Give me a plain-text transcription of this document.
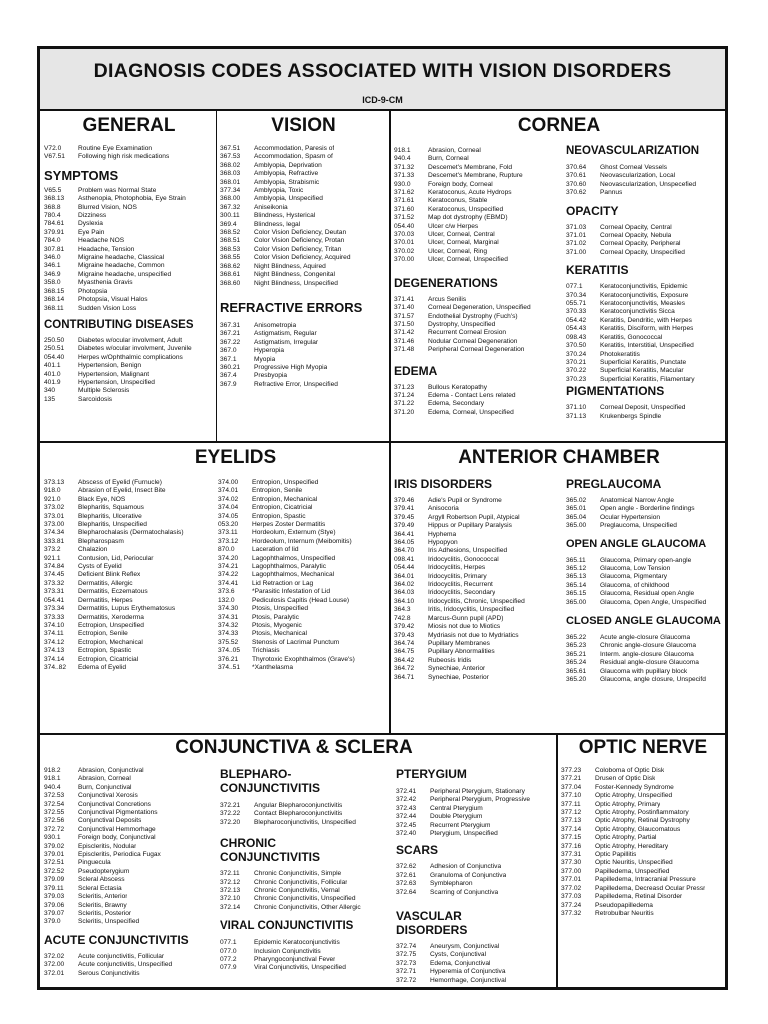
DIAGNOSIS CODES ASSOCIATED WITH VISION DISORDERS
ICD-9-CM
GENERAL
V72.0	Routine Eye Examination
V67.51	Following high risk medications
SYMPTOMS
V65.5	Problem was Normal State
368.13	Asthenopia, Photophobia, Eye Strain
368.8	Blurred Vision, NOS
780.4	Dizziness
784.61	Dyslexia
379.91	Eye Pain
784.0	Headache NOS
307.81	Headache, Tension
346.0	Migraine headache, Classical
346.1	Migraine headache, Common
346.9	Migraine headache, unspecified
358.0	Myasthenia Gravis
368.15	Photopsia
368.14	Photopsia, Visual Halos
368.11	Sudden Vision Loss
CONTRIBUTING DISEASES
250.50	Diabetes w/ocular involvment, Adult
250.51	Diabetes w/ocular involvment, Juvenile
054.40	Herpes w/Ophthalmic complications
401.1	Hypertension, Benign
401.0	Hypertension, Malignant
401.9	Hypertension, Unspecified
340	Multiple Sclerosis
135	Sarcoidosis
VISION
367.51	Accommodation, Paresis of
367.53	Accommodation, Spasm of
368.02	Amblyopia, Deprivation
368.03	Amblyopia, Refractive
368.01	Amblyopia, Strabismic
377.34	Amblyopia, Toxic
368.00	Amblyopia, Unspecified
367.32	Aniseikonia
300.11	Blindness, Hysterical
369.4	Blindness, legal
368.52	Color Vision Deficiency, Deutan
368.51	Color Vision Deficiency, Protan
368.53	Color Vision Deficiency, Tritan
368.55	Color Vision Deficiency, Acquired
368.62	Night Blindness, Aquired
368.61	Night Blindness, Congenital
368.60	Night Blindness, Unspecified
REFRACTIVE ERRORS
367.31	Anisometropia
367.21	Astigmatism, Regular
367.22	Astigmatism, Irregular
367.0	Hyperopia
367.1	Myopia
360.21	Progressive High Myopia
367.4	Presbyopia
367.9	Refractive Error, Unspecified
CORNEA
918.1	Abrasion, Corneal
940.4	Burn, Corneal
371.32	Descemet's Membrane, Fold
371.33	Descemet's Membrane, Rupture
930.0	Foreign body, Corneal
371.62	Keratoconus, Acute Hydrops
371.61	Keratoconus, Stable
371.60	Keratoconus, Unspecified
371.52	Map dot dystrophy (EBMD)
054.40	Ulcer c/w Herpes
370.03	Ulcer, Corneal, Central
370.01	Ulcer, Corneal, Marginal
370.02	Ulcer, Corneal, Ring
370.00	Ulcer, Corneal, Unspecified
DEGENERATIONS
371.41	Arcus Senilis
371.40	Corneal Degeneration, Unspecified
371.57	Endothelial Dystrophy (Fuch's)
371.50	Dystrophy, Unspecified
371.42	Recurrent Corneal Erosion
371.46	Nodular Corneal Degeneration
371.48	Peripheral Corneal Degeneration
EDEMA
371.23	Bullous Keratopathy
371.24	Edema - Contact Lens related
371.22	Edema, Secondary
371.20	Edema, Corneal, Unspecified
NEOVASCULARIZATION
370.64	Ghost Corneal Vessels
370.61	Neovascularization, Local
370.60	Neovascularization, Unspecefied
370.62	Pannus
OPACITY
371.03	Corneal Opacity, Central
371.01	Corneal Opacity, Nebula
371.02	Corneal Opacity, Peripheral
371.00	Corneal Opacity, Unspecified
KERATITIS
077.1	Keratoconjunctivitis, Epidemic
370.34	Keratoconjunctivitis, Exposure
055.71	Keratoconjunctivitis, Measles
370.33	Keratoconjunctivitis Sicca
054.42	Keratitis, Dendritic, with Herpes
054.43	Keratitis, Disciform, with Herpes
098.43	Keratitis, Gonococcal
370.50	Keratitis, Interstitial, Unspecified
370.24	Photokeratitis
370.21	Superficial Keratitis, Punctate
370.22	Superficial Keratitis, Macular
370.23	Superficial Keratitis, Filamentary
PIGMENTATIONS
371.10	Corneal Deposit, Unspecified
371.13	Krukenbergs Spindle
EYELIDS
373.13	Abscess of Eyelid (Furnucle)
918.0	Abrasion of Eyelid, Insect Bite
921.0	Black Eye, NOS
373.02	Blepharitis, Squamous
373.01	Blepharitis, Ulcerative
373.00	Blepharitis, Unspecified
374.34	Blepharochalasis (Dermatochalasis)
333.81	Blepharospasm
373.2	Chalazion
921.1	Contusion, Lid, Periocular
374.84	Cysts of Eyelid
374.45	Deficient Blink Reflex
373.32	Dermatitis, Allergic
373.31	Dermatitis, Eczematous
054.41	Dermatitis, Herpes
373.34	Dermatitis, Lupus Erythematosus
373.33	Dermatitis, Xeroderma
374.10	Ectropion, Unspecified
374.11	Ectropion, Senile
374.12	Ectropion, Mechanical
374.13	Ectropion, Spastic
374.14	Ectropion, Cicatricial
374..82	Edema of Eyelid
374.00	Entropion, Unspecified
374.01	Entropion, Senile
374.02	Entropion, Mechanical
374.04	Entropion, Cicatricial
374.05	Entropion, Spastic
053.20	Herpes Zoster Dermatitis
373.11	Hordeolum, Externum (Stye)
373.12	Hordeolum, Internum (Meibomitis)
870.0	Laceration of lid
374.20	Lagophthalmos, Unspecified
374.21	Lagophthalmos, Paralytic
374.22	Lagophthalmos, Mechanical
374.41	Lid Retraction or Lag
373.6	*Parasitic Infestation of Lid
132.0	Pediculosis Capitis (Head Louse)
374.30	Ptosis, Unspecified
374.31	Ptosis, Paralytic
374.32	Ptosis, Myogenic
374.33	Ptosis, Mechanical
375.52	Stenosis of Lacrimal Punctum
374..05	Trichiasis
376.21	Thyrotoxic Exophthalmos (Grave's)
374..51	*Xanthelasma
ANTERIOR CHAMBER
IRIS DISORDERS
379.46	Adie's Pupil or Syndrome
379.41	Anisocoria
379.45	Argyll Robertson Pupil, Atypical
379.49	Hippus or Pupillary Paralysis
364.41	Hyphema
364.05	Hypopyon
364.70	Iris Adhesions, Unspecified
098.41	Iridocyclitis, Gonococcal
054.44	Iridocyclitis, Herpes
364.01	Iridocyclitis, Primary
364.02	Iridocyclitis, Recurrent
364.03	Iridocyclitis, Secondary
364.10	Iridocyclitis, Chronic, Unspecified
364.3	Iritis, Iridocyclitis, Unspecified
742.8	Marcus-Gunn pupil (APD)
379.42	Miosis not due to Miotics
379.43	Mydriasis not due to Mydriatics
364.74	Pupillary Membranes
364.75	Pupillary Abnormalities
364.42	Rubeosis Iridis
364.72	Synechiae, Anterior
364.71	Synechiae, Posterior
PREGLAUCOMA
365.02	Anatomical Narrow Angle
365.01	Open angle - Borderline findings
365.04	Ocular Hypertension
365.00	Preglaucoma, Unspecified
OPEN ANGLE GLAUCOMA
365.11	Glaucoma, Primary open-angle
365.12	Glaucoma, Low Tension
365.13	Glaucoma, Pigmentary
365.14	Glaucoma, of childhood
365.15	Glaucoma, Residual open Angle
365.00	Glaucoma, Open Angle, Unspecified
CLOSED ANGLE GLAUCOMA
365.22	Acute angle-closure Glaucoma
365.23	Chronic angle-closure Glaucoma
365.21	Interm. angle-closure Glaucoma
365.24	Residual angle-closure Glaucoma
365.61	Glaucoma with pupillary block
365.20	Glaucoma, angle closure, Unspecifd
CONJUNCTIVA & SCLERA
918.2	Abrasion, Conjunctival
918.1	Abrasion, Corneal
940.4	Burn, Conjunctival
372.53	Conjunctival Xerosis
372.54	Conjunctival Concretions
372.55	Conjunctival Pigmentations
372.56	Conjunctival Deposits
372.72	Conjunctival Hemmorhage
930.1	Foreign body, Conjunctival
379.02	Episcleritis, Nodular
379.01	Episcleritis, Periodica Fugax
372.51	Pinguecula
372.52	Pseudopterygium
379.09	Scleral Abscess
379.11	Scleral Ectasia
379.03	Scleritis, Anterior
379.06	Scleritis, Brawny
379.07	Scleritis, Posterior
379.0	Scleritis, Unspecified
ACUTE CONJUNCTIVITIS
372.02	Acute conjunctivitis, Follicular
372.00	Acute conjunctivitis, Unspecified
372.01	Serous Conjunctivitis
BLEPHARO-
CONJUNCTIVITIS
372.21	Angular Blepharoconjunctivitis
372.22	Contact Blepharoconjunctivitis
372.20	Blepharoconjunctivitis, Unspecified
CHRONIC
CONJUNCTIVITIS
372.11	Chronic Conjunctivitis, Simple
372.12	Chronic Conjunctivitis, Follicular
372.13	Chronic Conjunctivitis, Vernal
372.10	Chronic Conjunctivitis, Unspecified
372.14	Chronic Conjunctivitis, Other Allergic
VIRAL CONJUNCTIVITIS
077.1	Epidemic Keratoconjunctivitis
077.0	Inclusion Conjunctivitis
077.2	Pharyngoconjunctival Fever
077.9	Viral Conjunctivitis, Unspecified
PTERYGIUM
372.41	Peripheral Pterygium, Stationary
372.42	Peripheral Pterygium, Progressive
372.43	Central Pterygium
372.44	Double Pterygium
372.45	Recurrent Pterygium
372.40	Pterygium, Unspecified
SCARS
372.62	Adhesion of Conjunctiva
372.61	Granuloma of Conjunctiva
372.63	Symblepharon
372.64	Scarring of Conjunctiva
VASCULAR
DISORDERS
372.74	Aneurysm, Conjunctival
372.75	Cysts, Conjunctival
372.73	Edema, Conjunctival
372.71	Hyperemia of Conjunctiva
372.72	Hemorrhage, Conjunctival
OPTIC NERVE
377.23	Coloboma of Optic Disk
377.21	Drusen of Optic Disk
377.04	Foster-Kennedy Syndrome
377.10	Optic Atrophy, Unspecified
377.11	Optic Atrophy, Primary
377.12	Optic Atrophy, Postinflammatory
377.13	Optic Atrophy, Retinal Dystrophy
377.14	Optic Atrophy, Glaucomatous
377.15	Optic Atrophy, Partial
377.16	Optic Atrophy, Hereditary
377.31	Optic Papillitis
377.30	Optic Neuritis, Unspecified
377.00	Papilledema, Unspecified
377.01	Papilledema, Intracranial Pressure
377.02	Papilledema, Decreasd Ocular Pressr
377.03	Papilledema, Retinal Disorder
377.24	Pseudopapilledema
377.32	Retrobulbar Neuritis
